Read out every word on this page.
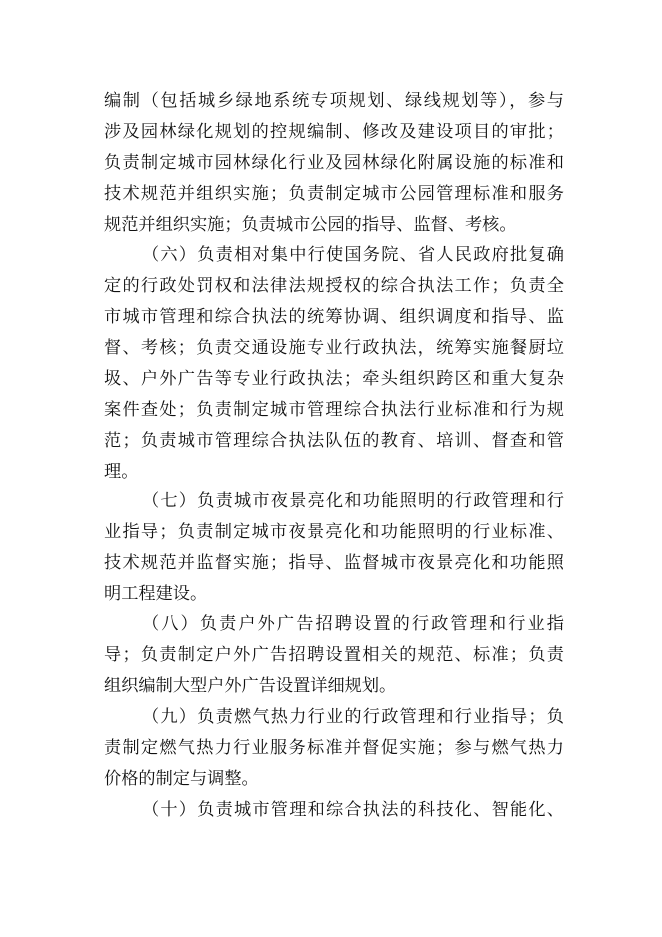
编制（包括城乡绿地系统专项规划、绿线规划等），参与
涉及园林绿化规划的控规编制、修改及建设项目的审批；
负责制定城市园林绿化行业及园林绿化附属设施的标准和
技术规范并组织实施；负责制定城市公园管理标准和服务
规范并组织实施；负责城市公园的指导、监督、考核。

（六）负责相对集中行使国务院、省人民政府批复确
定的行政处罚权和法律法规授权的综合执法工作；负责全
市城市管理和综合执法的统筹协调、组织调度和指导、监
督、考核；负责交通设施专业行政执法，统筹实施餐厨垃
圾、户外广告等专业行政执法；牵头组织跨区和重大复杂
案件查处；负责制定城市管理综合执法行业标准和行为规
范；负责城市管理综合执法队伍的教育、培训、督查和管
理。

（七）负责城市夜景亮化和功能照明的行政管理和行
业指导；负责制定城市夜景亮化和功能照明的行业标准、
技术规范并监督实施；指导、监督城市夜景亮化和功能照
明工程建设。

（八）负责户外广告招聘设置的行政管理和行业指
导；负责制定户外广告招聘设置相关的规范、标准；负责
组织编制大型户外广告设置详细规划。

（九）负责燃气热力行业的行政管理和行业指导；负
责制定燃气热力行业服务标准并督促实施；参与燃气热力
价格的制定与调整。

（十）负责城市管理和综合执法的科技化、智能化、
